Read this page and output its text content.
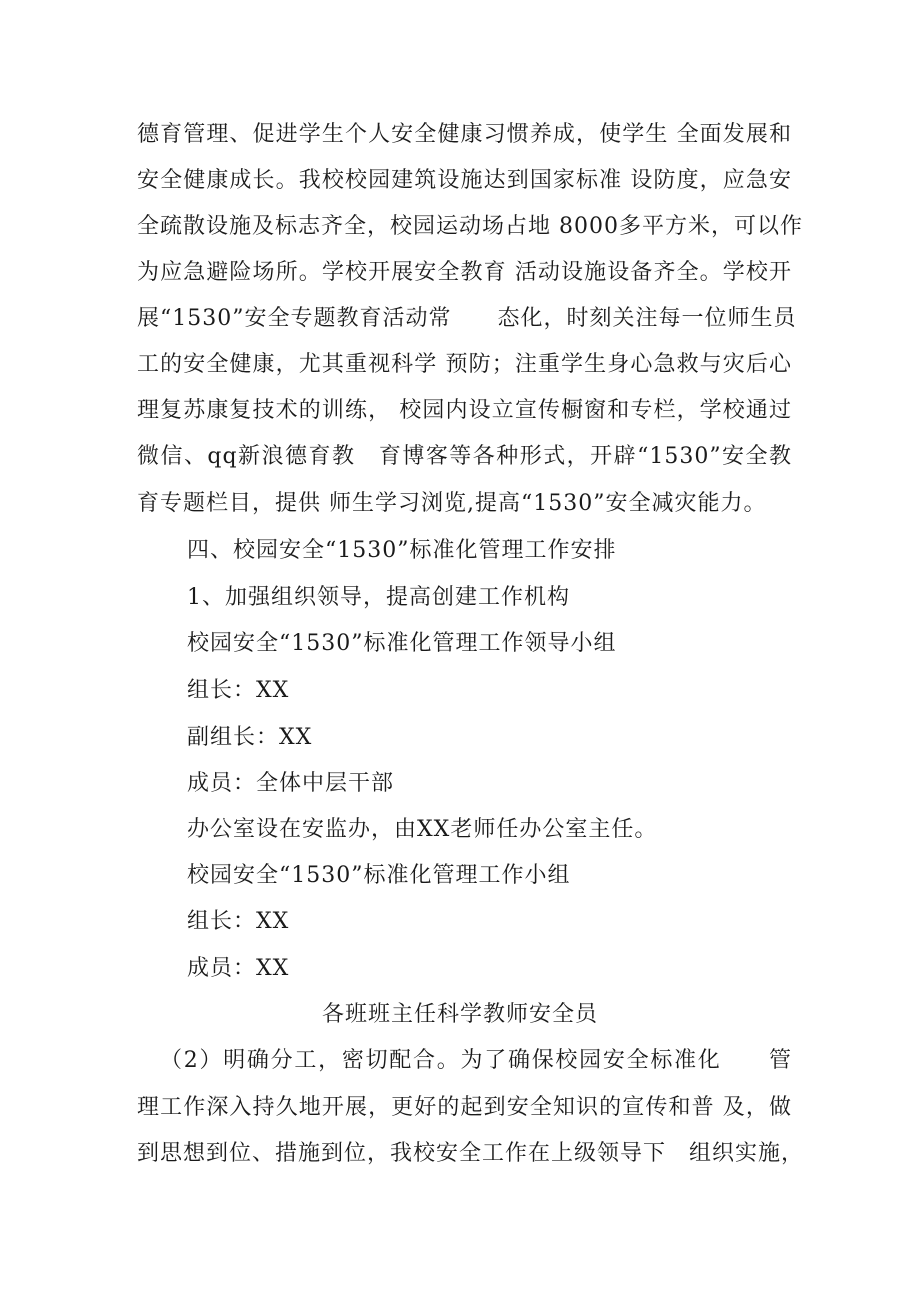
德育管理、促进学生个人安全健康习惯养成，使学生 全面发展和

安全健康成长。我校校园建筑设施达到国家标准 设防度，应急安

全疏散设施及标志齐全，校园运动场占地 8000多平方米，可以作

为应急避险场所。学校开展安全教育 活动设施设备齐全。学校开

展“1530”安全专题教育活动常　　态化，时刻关注每一位师生员

工的安全健康，尤其重视科学 预防；注重学生身心急救与灾后心

理复苏康复技术的训练， 校园内设立宣传橱窗和专栏，学校通过

微信、qq新浪德育教　育博客等各种形式，开辟“1530”安全教

育专题栏目，提供 师生学习浏览,提高“1530”安全减灾能力。

四、校园安全“1530”标准化管理工作安排

1、加强组织领导，提高创建工作机构

校园安全“1530”标准化管理工作领导小组

组长：XX

副组长：XX

成员：全体中层干部

办公室设在安监办，由XX老师任办公室主任。

校园安全“1530”标准化管理工作小组

组长：XX

成员：XX

各班班主任科学教师安全员

（2）明确分工，密切配合。为了确保校园安全标准化　　管

理工作深入持久地开展，更好的起到安全知识的宣传和普 及，做

到思想到位、措施到位，我校安全工作在上级领导下　组织实施，
